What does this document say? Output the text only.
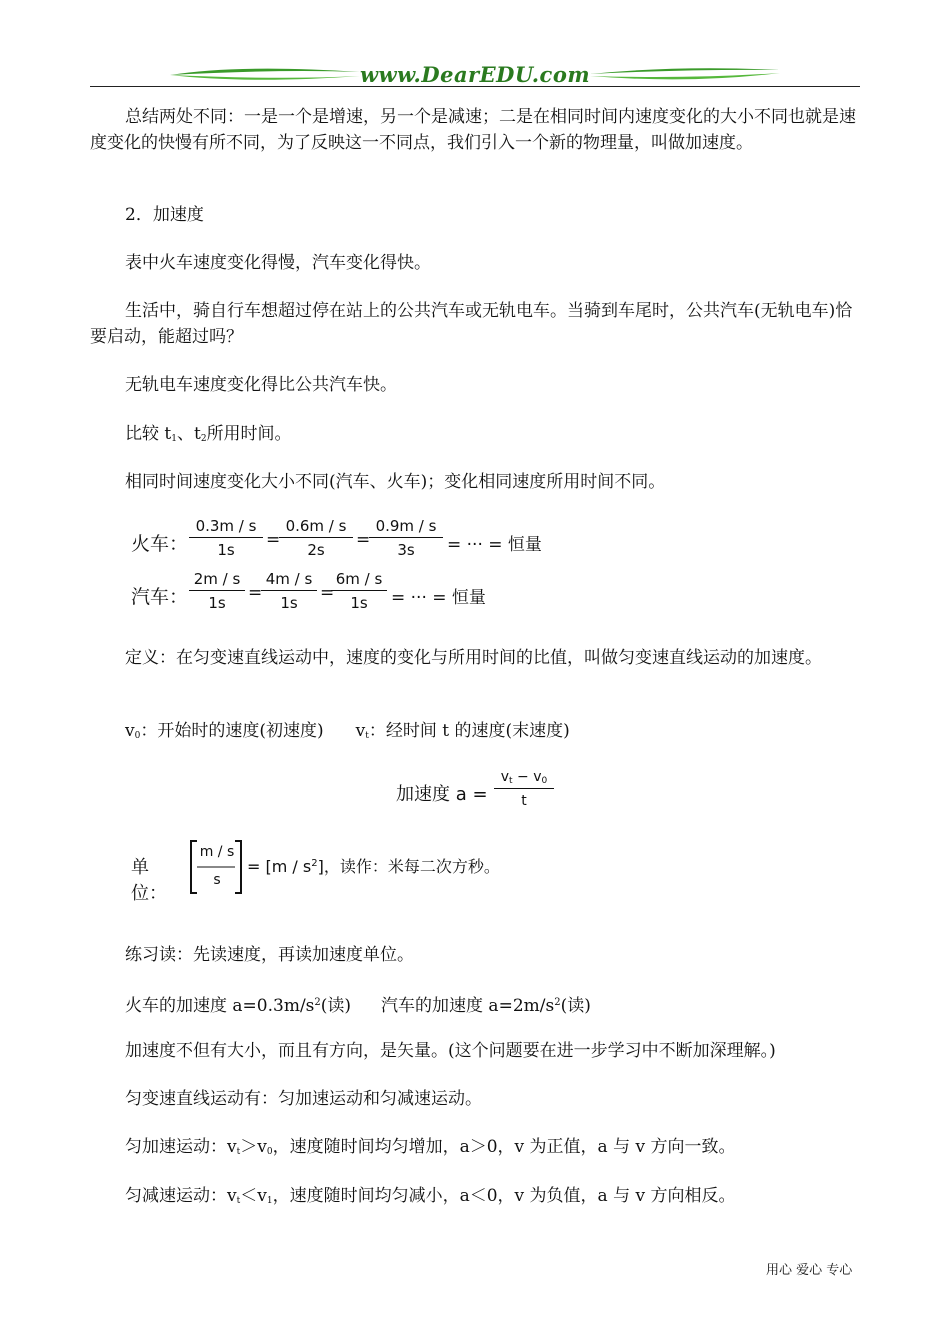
www.DearEDU.com
总结两处不同：一是一个是增速，另一个是减速；二是在相同时间内速度变化的大小不同也就是速度变化的快慢有所不同，为了反映这一不同点，我们引入一个新的物理量，叫做加速度。
2．加速度
表中火车速度变化得慢，汽车变化得快。
生活中，骑自行车想超过停在站上的公共汽车或无轨电车。当骑到车尾时，公共汽车(无轨电车)恰要启动，能超过吗？
无轨电车速度变化得比公共汽车快。
比较 $t_1$、$t_2$所用时间。
相同时间速度变化大小不同(汽车、火车)；变化相同速度所用时间不同。
火车：
0.3m / s
1s	=
0.6m / s
2s	=
0.9m / s
3s	= ··· = 恒量
汽车：
2m / s
1s	=
4m / s
1s	=
6m / s
1s	= ··· = 恒量
定义：在匀变速直线运动中，速度的变化与所用时间的比值，叫做匀变速直线运动的加速度。
$v_0$：开始时的速度(初速度) $v_t$：经时间 t 的速度(末速度)
加速度 a =
$v_t - v_0$
t
单位：
m / s
s
= $[m / s^2]$，读作：米每二次方秒。
练习读：先读速度，再读加速度单位。
火车的加速度 $a=0.3m/s^2$(读) 汽车的加速度 $a=2m/s^2$(读)
加速度不但有大小，而且有方向，是矢量。(这个问题要在进一步学习中不断加深理解。)
匀变速直线运动有：匀加速运动和匀减速运动。
匀加速运动：$v_t>v_0$，速度随时间均匀增加，a＞0，v 为正值，a 与 v 方向一致。
匀减速运动：$v_t<v_1$，速度随时间均匀减小，a＜0，v 为负值，a 与 v 方向相反。
用心 爱心 专心
